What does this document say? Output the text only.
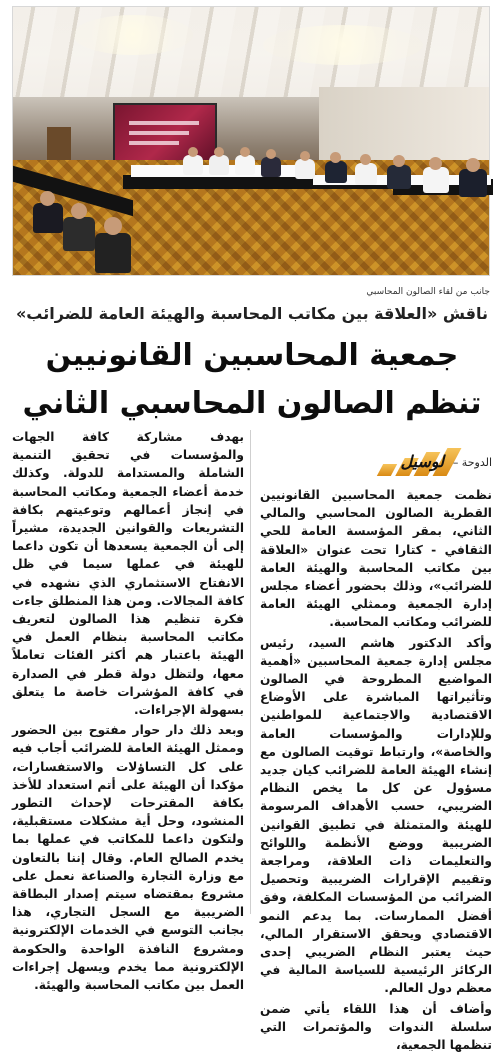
جانب من لقاء الصالون المحاسبي
ناقش «العلاقة بين مكاتب المحاسبة والهيئة العامة للضرائب»
جمعية المحاسبين القانونيين
تنظم الصالون المحاسبي الثاني
لوسيل الدوحة –

نظمت جمعية المحاسبين القانونيين القطرية الصالون المحاسبي والمالي الثاني، بمقر المؤسسة العامة للحي الثقافي - كتارا تحت عنوان «العلاقة بين مكاتب المحاسبة والهيئة العامة للضرائب»، وذلك بحضور أعضاء مجلس إدارة الجمعية وممثلي الهيئة العامة للضرائب ومكاتب المحاسبة.

وأكد الدكتور هاشم السيد، رئيس مجلس إدارة جمعية المحاسبين «أهمية المواضيع المطروحة في الصالون وتأثيراتها المباشرة على الأوضاع الاقتصادية والاجتماعية للمواطنين وللإدارات والمؤسسات العامة والخاصة»، وارتباط توقيت الصالون مع إنشاء الهيئة العامة للضرائب كيان جديد مسؤول عن كل ما يخص النظام الضريبي، حسب الأهداف المرسومة للهيئة والمتمثلة في تطبيق القوانين الضريبية ووضع الأنظمة واللوائح والتعليمات ذات العلاقة، ومراجعة وتقييم الإقرارات الضريبية وتحصيل الضرائب من المؤسسات المكلفة، وفق أفضل الممارسات. بما يدعم النمو الاقتصادي ويحقق الاستقرار المالي، حيث يعتبر النظام الضريبي إحدى الركائز الرئيسية للسياسة المالية في معظم دول العالم.

وأضاف أن هذا اللقاء يأتي ضمن سلسلة الندوات والمؤتمرات التي تنظمها الجمعية،

بهدف مشاركة كافة الجهات والمؤسسات في تحقيق التنمية الشاملة والمستدامة للدولة. وكذلك خدمة أعضاء الجمعية ومكاتب المحاسبة في إنجاز أعمالهم وتوعيتهم بكافة التشريعات والقوانين الجديدة، مشيراً إلى أن الجمعية يسعدها أن تكون داعما للهيئة في عملها سيما في ظل الانفتاح الاستثماري الذي نشهده في كافة المجالات. ومن هذا المنطلق جاءت فكرة تنظيم هذا الصالون لتعريف مكاتب المحاسبة بنظام العمل في الهيئة باعتبار هم أكثر الفئات تعاملاً معها، ولتظل دولة قطر في الصدارة في كافة المؤشرات خاصة ما يتعلق بسهولة الإجراءات.

وبعد ذلك دار حوار مفتوح بين الحضور وممثل الهيئة العامة للضرائب أجاب فيه على كل التساؤلات والاستفسارات، مؤكدا أن الهيئة على أتم استعداد للأخذ بكافة المقترحات لإحداث التطور المنشود، وحل أية مشكلات مستقبلية، ولتكون داعما للمكاتب في عملها بما يخدم الصالح العام. وقال إننا بالتعاون مع وزارة التجارة والصناعة نعمل على مشروع بمقتضاه سيتم إصدار البطاقة الضريبية مع السجل التجاري، هذا بجانب التوسع في الخدمات الإلكترونية ومشروع النافذة الواحدة والحكومة الإلكترونية مما يخدم ويسهل إجراءات العمل بين مكاتب المحاسبة والهيئة.
